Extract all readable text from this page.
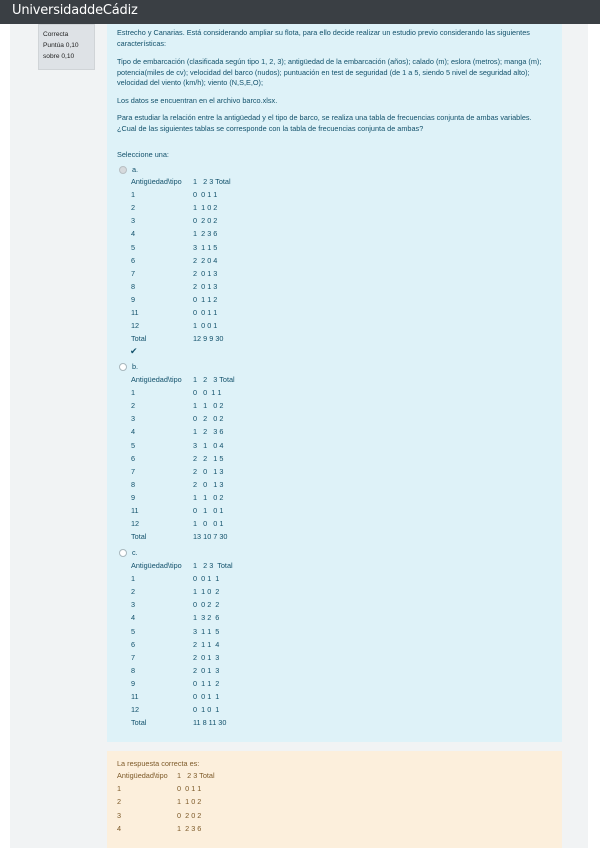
UniversidaddeCádiz
Correcta
Puntúa 0,10
sobre 0,10

Estrecho y Canarias. Está considerando ampliar su flota, para ello decide realizar un estudio previo considerando las siguientes características:

Tipo de embarcación (clasificada según tipo 1, 2, 3); antigüedad de la embarcación (años); calado (m); eslora (metros); manga (m); potencia(miles de cv); velocidad del barco (nudos); puntuación en test de seguridad (de 1 a 5, siendo 5 nivel de seguridad alto); velocidad del viento (km/h); viento (N,S,E,O);

Los datos se encuentran en el archivo barco.xlsx.

Para estudiar la relación entre la antigüedad y el tipo de barco, se realiza una tabla de frecuencias conjunta de ambas variables. ¿Cual de las siguientes tablas se corresponde con la tabla de frecuencias conjunta de ambas?

Seleccione una:

a.
✔
b.
c.
Antigüedad\tipo 1   2 3 Total
1	0  0 1 1
2	1  1 0 2
3	0  2 0 2
4	1  2 3 6
5	3  1 1 5
6	2  2 0 4
7	2  0 1 3
8	2  0 1 3
9	0  1 1 2
11	0  0 1 1
12	1  0 0 1
Total	12 9 9 30
Antigüedad\tipo 1   2   3 Total
1	0   0  1 1
2	1   1   0 2
3	0   2   0 2
4	1   2   3 6
5	3   1   0 4
6	2   2   1 5
7	2   0   1 3
8	2   0   1 3
9	1   1   0 2
11	0   1   0 1
12	1   0   0 1
Total	13 10 7 30
Antigüedad\tipo 1   2 3  Total
1	0  0 1  1
2	1  1 0  2
3	0  0 2  2
4	1  3 2  6
5	3  1 1  5
6	2  1 1  4
7	2  0 1  3
8	2  0 1  3
9	0  1 1  2
11	0  0 1  1
12	0  1 0  1
Total	11 8 11 30
La respuesta correcta es:
Antigüedad\tipo 1   2 3 Total
1	0  0 1 1
2	1  1 0 2
3	0  2 0 2
4	1  2 3 6
